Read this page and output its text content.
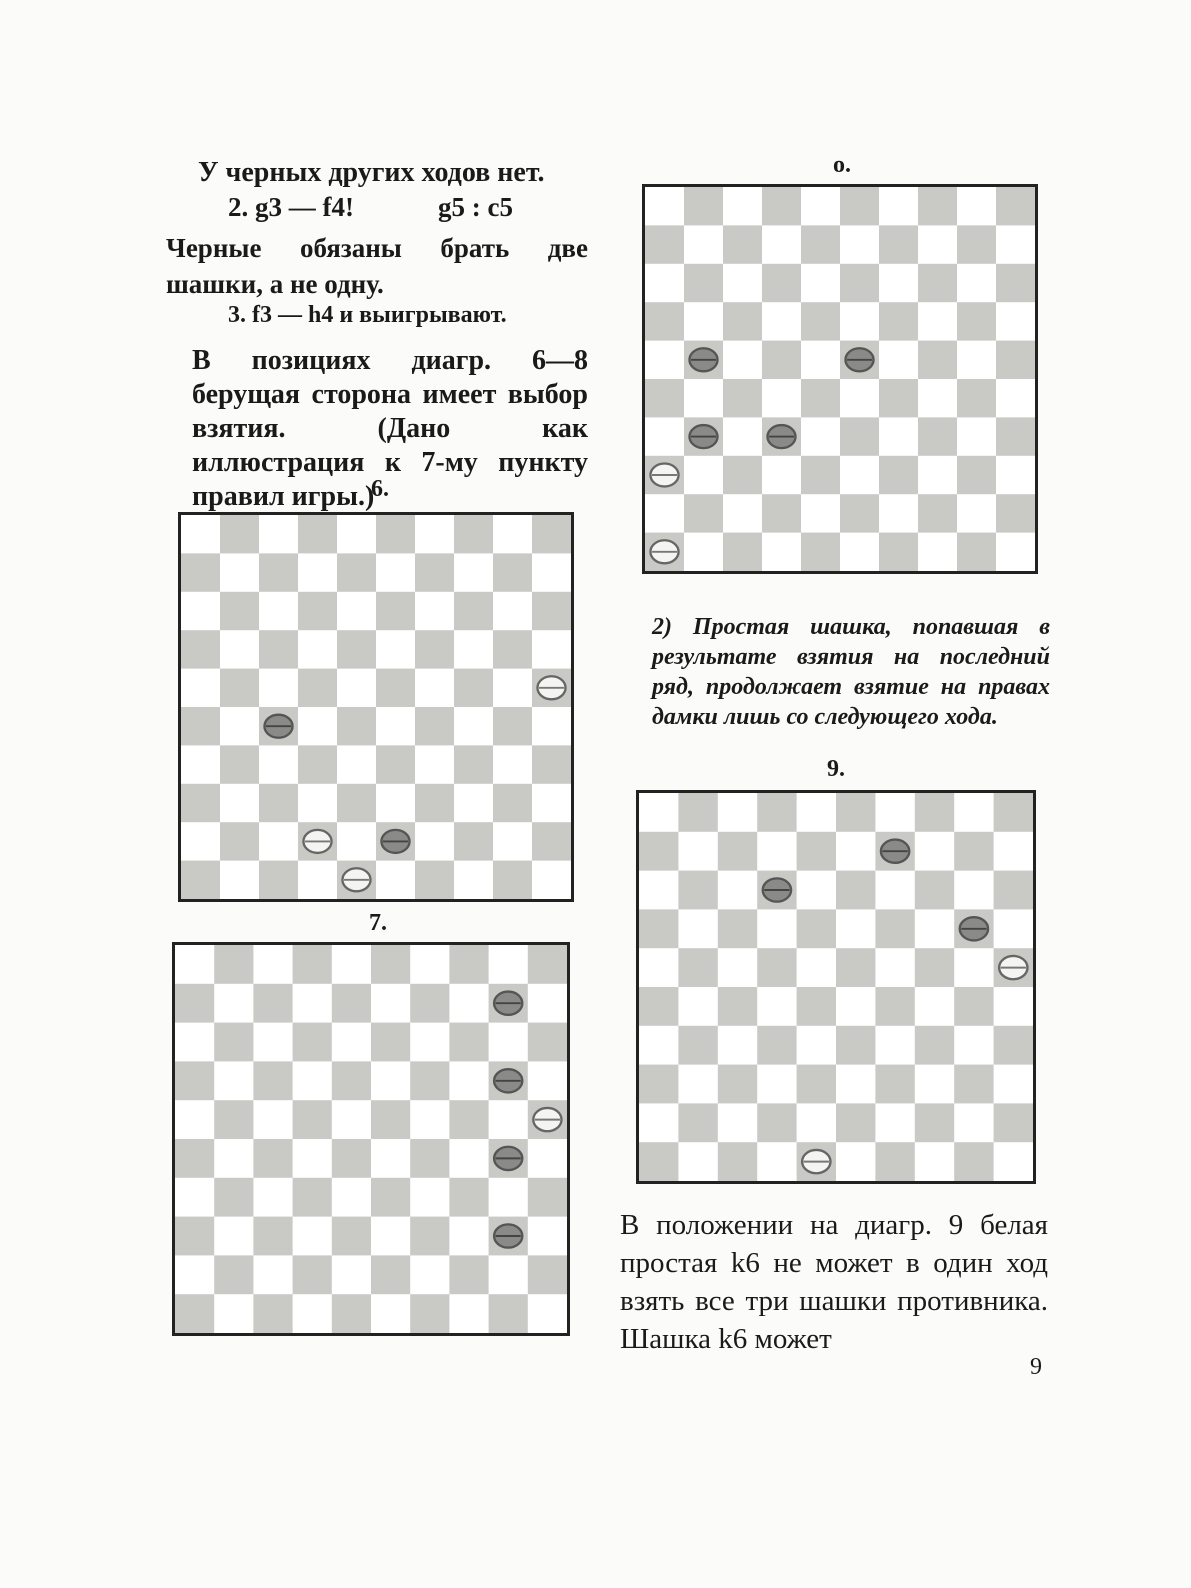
У черных других ходов нет.

2. g3 — f4!	g5 : c5

Черные обязаны брать две шашки, а не одну.

3. f3 — h4 и выигрывают.

В позициях диагр. 6—8 берущая сторона имеет выбор взятия. (Дано как иллюстрация к 7-му пункту правил игры.)

6.
7.
о.

2) Простая шашка, попавшая в результате взятия на последний ряд, продолжает взятие на правах дамки лишь со следующего хода.

9.

В положении на диагр. 9 белая простая k6 не может в один ход взять все три шашки противника. Шашка k6 может

9
